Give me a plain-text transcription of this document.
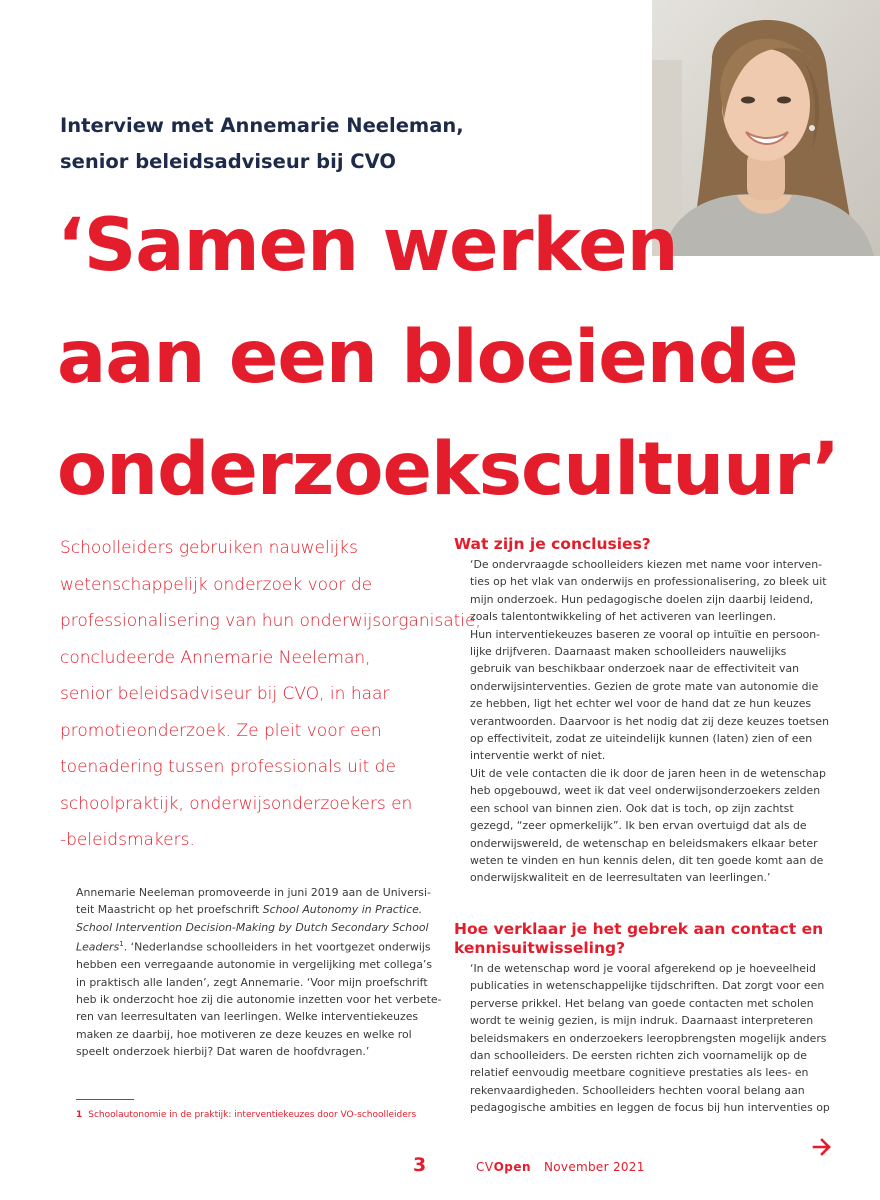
Interview met Annemarie Neeleman,
senior beleidsadviseur bij CVO
‘Samen werken
aan een bloeiende
onderzoekscultuur’

Schoolleiders gebruiken nauwelijks
wetenschappelijk onderzoek voor de
professionalisering van hun onderwijsorganisatie,
concludeerde Annemarie Neeleman,
senior beleidsadviseur bij CVO, in haar
promotieonderzoek. Ze pleit voor een
toenadering tussen professionals uit de
schoolpraktijk, onderwijsonderzoekers en
-beleidsmakers.

Annemarie Neeleman promoveerde in juni 2019 aan de Universi-
teit Maastricht op het proefschrift School Autonomy in Practice.
School Intervention Decision-Making by Dutch Secondary School
Leaders$^1$. ‘Nederlandse schoolleiders in het voortgezet onderwijs
hebben een verregaande autonomie in vergelijking met collega’s
in praktisch alle landen’, zegt Annemarie. ‘Voor mijn proefschrift
heb ik onderzocht hoe zij die autonomie inzetten voor het verbete-
ren van leerresultaten van leerlingen. Welke interventiekeuzes
maken ze daarbij, hoe motiveren ze deze keuzes en welke rol
speelt onderzoek hierbij? Dat waren de hoofdvragen.’

1 Schoolautonomie in de praktijk: interventiekeuzes door VO-schoolleiders
Wat zijn je conclusies?

‘De ondervraagde schoolleiders kiezen met name voor interven-
ties op het vlak van onderwijs en professionalisering, zo bleek uit
mijn onderzoek. Hun pedagogische doelen zijn daarbij leidend,
zoals talentontwikkeling of het activeren van leerlingen.
Hun interventiekeuzes baseren ze vooral op intuïtie en persoon-
lijke drijfveren. Daarnaast maken schoolleiders nauwelijks
gebruik van beschikbaar onderzoek naar de effectiviteit van
onderwijsinterventies. Gezien de grote mate van autonomie die
ze hebben, ligt het echter wel voor de hand dat ze hun keuzes
verantwoorden. Daarvoor is het nodig dat zij deze keuzes toetsen
op effectiviteit, zodat ze uiteindelijk kunnen (laten) zien of een
interventie werkt of niet.
Uit de vele contacten die ik door de jaren heen in de wetenschap
heb opgebouwd, weet ik dat veel onderwijsonderzoekers zelden
een school van binnen zien. Ook dat is toch, op zijn zachtst
gezegd, “zeer opmerkelijk”. Ik ben ervan overtuigd dat als de
onderwijswereld, de wetenschap en beleidsmakers elkaar beter
weten te vinden en hun kennis delen, dit ten goede komt aan de
onderwijskwaliteit en de leerresultaten van leerlingen.’

Hoe verklaar je het gebrek aan contact en
kennisuitwisseling?

‘In de wetenschap word je vooral afgerekend op je hoeveelheid
publicaties in wetenschappelijke tijdschriften. Dat zorgt voor een
perverse prikkel. Het belang van goede contacten met scholen
wordt te weinig gezien, is mijn indruk. Daarnaast interpreteren
beleidsmakers en onderzoekers leeropbrengsten mogelijk anders
dan schoolleiders. De eersten richten zich voornamelijk op de
relatief eenvoudig meetbare cognitieve prestaties als lees- en
rekenvaardigheden. Schoolleiders hechten vooral belang aan
pedagogische ambities en leggen de focus bij hun interventies op

3	CVOpen November 2021
